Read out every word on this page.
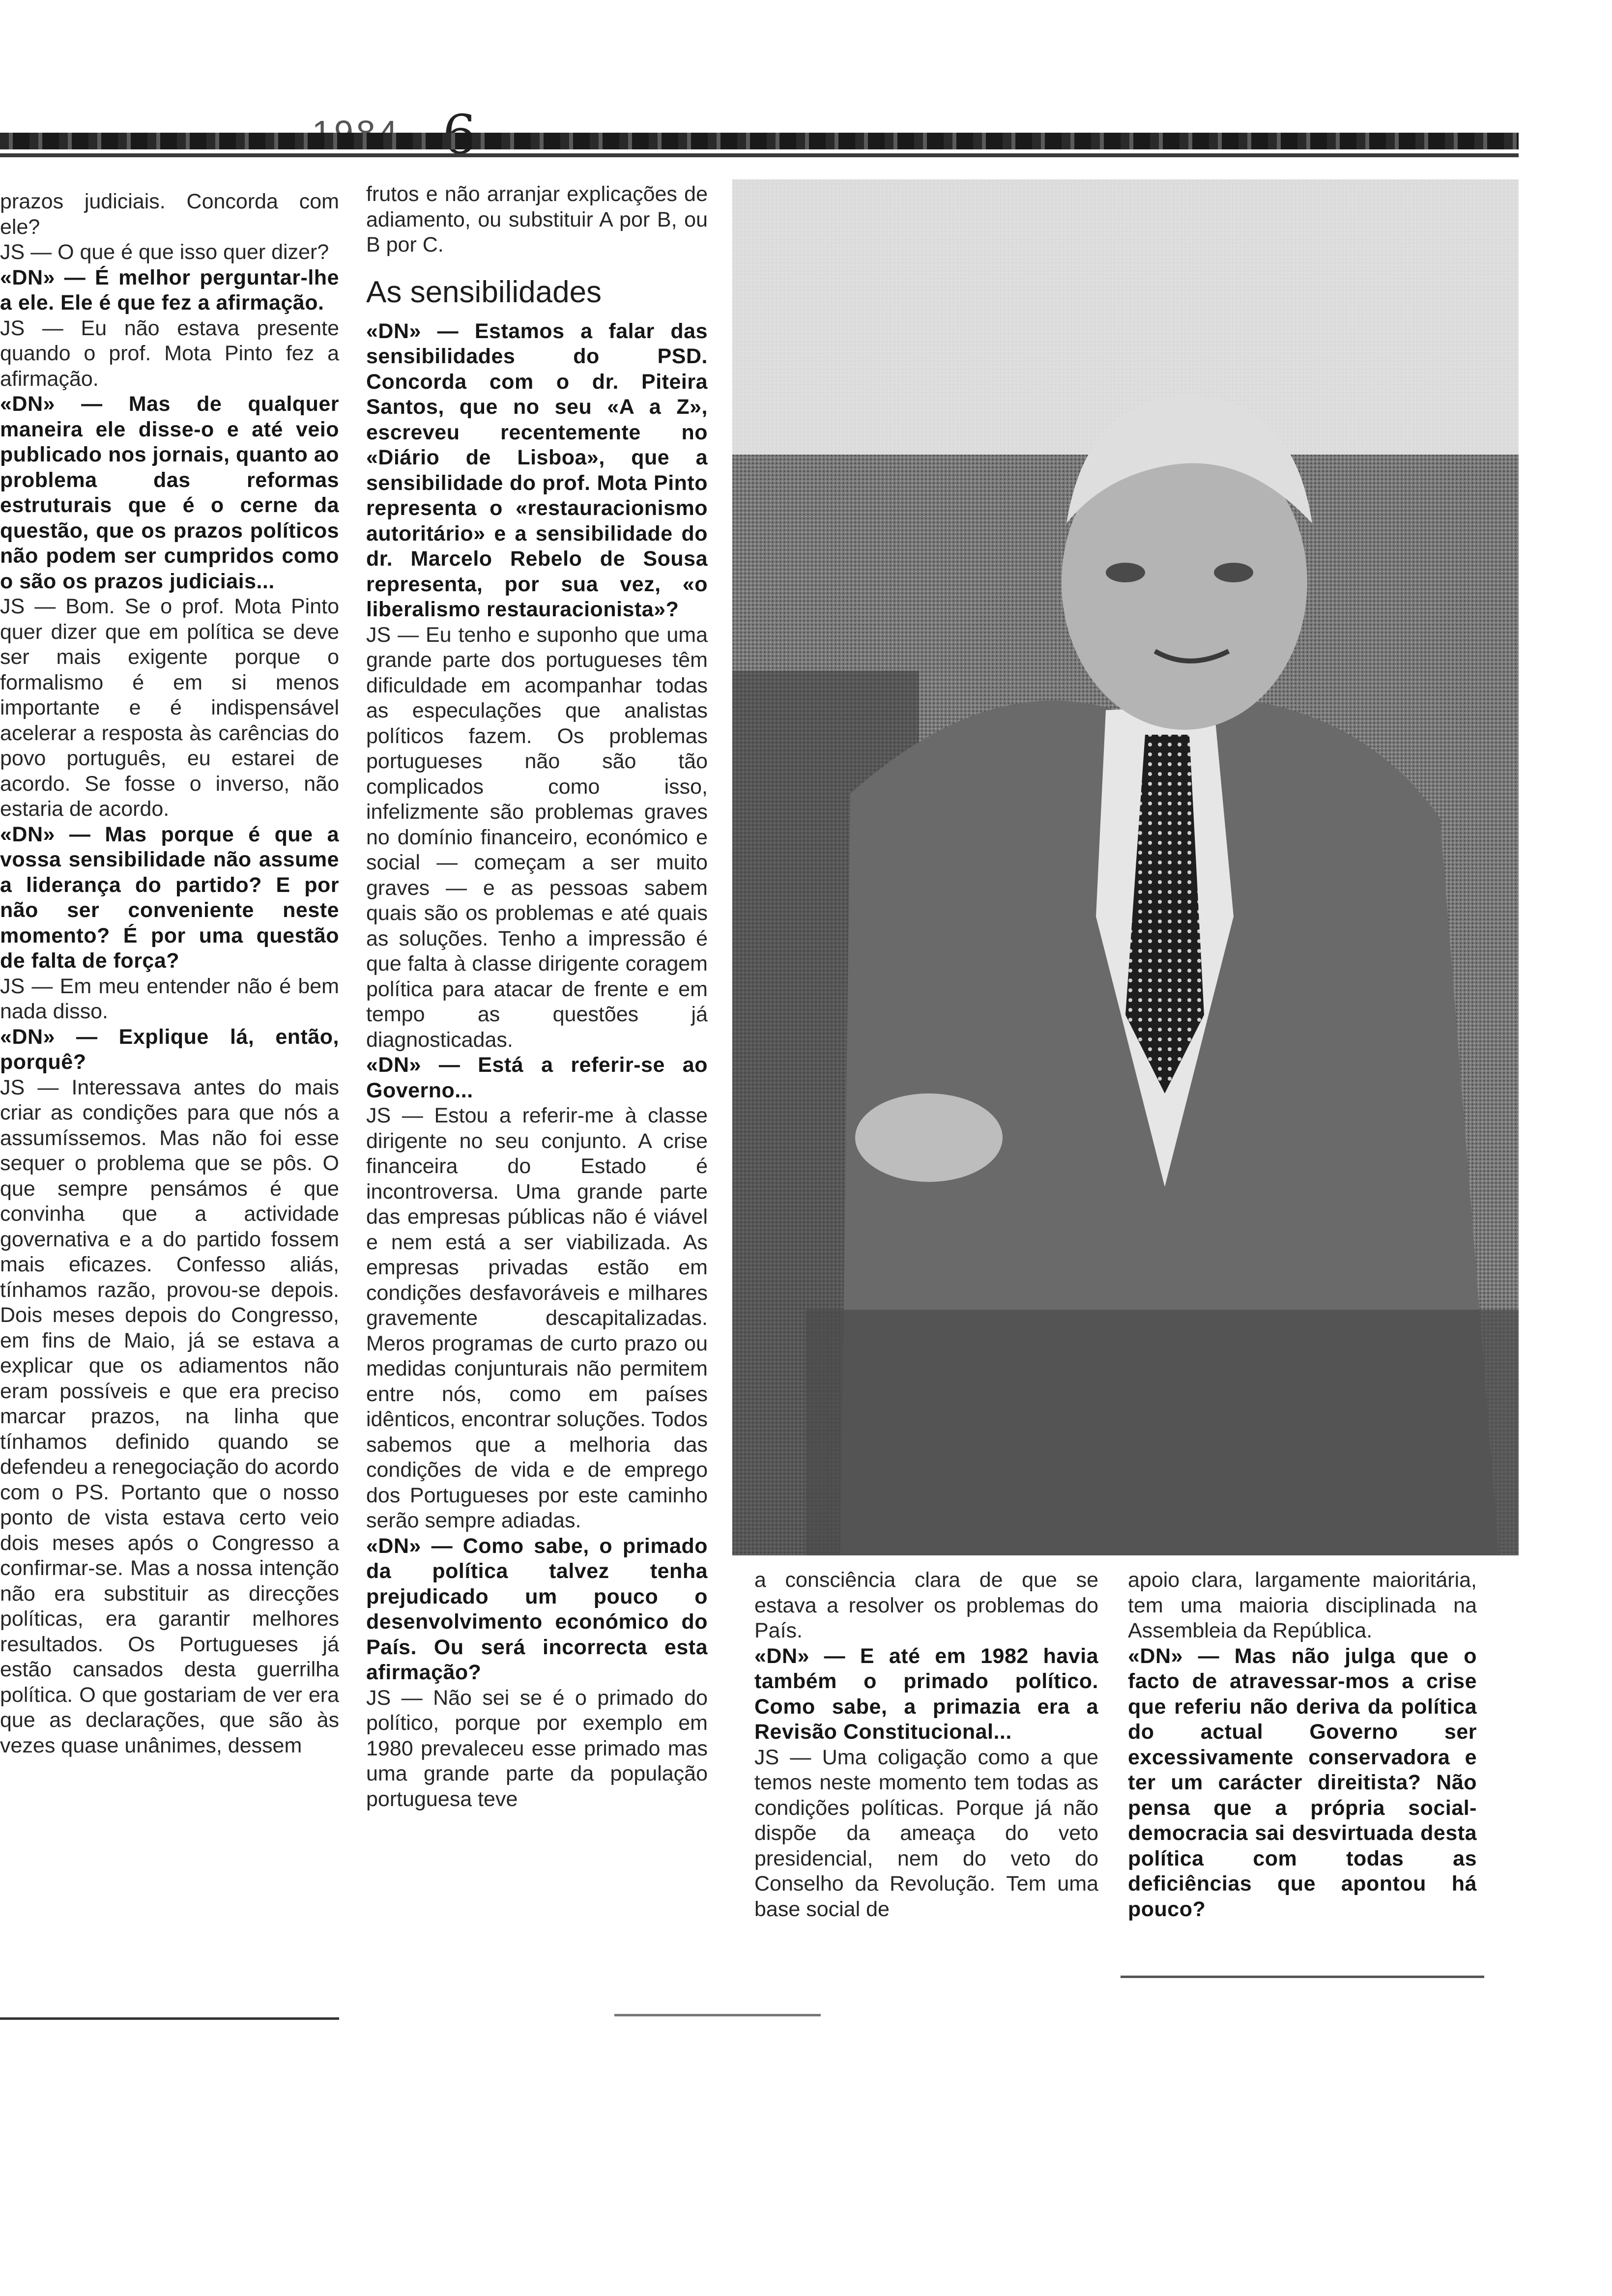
prazos judiciais. Concorda com ele?

JS — O que é que isso quer dizer?

«DN» — É melhor perguntar-lhe a ele. Ele é que fez a afirmação.

JS — Eu não estava presente quando o prof. Mota Pinto fez a afirmação.

«DN» — Mas de qualquer maneira ele disse-o e até veio publicado nos jornais, quanto ao problema das reformas estruturais que é o cerne da questão, que os prazos políticos não podem ser cumpridos como o são os prazos judiciais...

JS — Bom. Se o prof. Mota Pinto quer dizer que em política se deve ser mais exigente porque o formalismo é em si menos importante e é indispensável acelerar a resposta às carências do povo português, eu estarei de acordo. Se fosse o inverso, não estaria de acordo.

«DN» — Mas porque é que a vossa sensibilidade não assume a liderança do partido? E por não ser conveniente neste momento? É por uma questão de falta de força?

JS — Em meu entender não é bem nada disso.

«DN» — Explique lá, então, porquê?

JS — Interessava antes do mais criar as condições para que nós a assumíssemos. Mas não foi esse sequer o problema que se pôs. O que sempre pensámos é que convinha que a actividade governativa e a do partido fossem mais eficazes. Confesso aliás, tínhamos razão, provou-se depois. Dois meses depois do Congresso, em fins de Maio, já se estava a explicar que os adiamentos não eram possíveis e que era preciso marcar prazos, na linha que tínhamos definido quando se defendeu a renegociação do acordo com o PS. Portanto que o nosso ponto de vista estava certo veio dois meses após o Congresso a confirmar-se. Mas a nossa intenção não era substituir as direcções políticas, era garantir melhores resultados. Os Portugueses já estão cansados desta guerrilha política. O que gostariam de ver era que as declarações, que são às vezes quase unânimes, dessem

frutos e não arranjar explicações de adiamento, ou substituir A por B, ou B por C.

As sensibilidades

«DN» — Estamos a falar das sensibilidades do PSD. Concorda com o dr. Piteira Santos, que no seu «A a Z», escreveu recentemente no «Diário de Lisboa», que a sensibilidade do prof. Mota Pinto representa o «restauracionismo autoritário» e a sensibilidade do dr. Marcelo Rebelo de Sousa representa, por sua vez, «o liberalismo restauracionista»?

JS — Eu tenho e suponho que uma grande parte dos portugueses têm dificuldade em acompanhar todas as especulações que analistas políticos fazem. Os problemas portugueses não são tão complicados como isso, infelizmente são problemas graves no domínio financeiro, económico e social — começam a ser muito graves — e as pessoas sabem quais são os problemas e até quais as soluções. Tenho a impressão é que falta à classe dirigente coragem política para atacar de frente e em tempo as questões já diagnosticadas.

«DN» — Está a referir-se ao Governo...

JS — Estou a referir-me à classe dirigente no seu conjunto. A crise financeira do Estado é incontroversa. Uma grande parte das empresas públicas não é viável e nem está a ser viabilizada. As empresas privadas estão em condições desfavoráveis e milhares gravemente descapitalizadas. Meros programas de curto prazo ou medidas conjunturais não permitem entre nós, como em países idênticos, encontrar soluções. Todos sabemos que a melhoria das condições de vida e de emprego dos Portugueses por este caminho serão sempre adiadas.

«DN» — Como sabe, o primado da política talvez tenha prejudicado um pouco o desenvolvimento económico do País. Ou será incorrecta esta afirmação?

JS — Não sei se é o primado do político, porque por exemplo em 1980 prevaleceu esse primado mas uma grande parte da população portuguesa teve

a consciência clara de que se estava a resolver os problemas do País.

«DN» — E até em 1982 havia também o primado político. Como sabe, a primazia era a Revisão Constitucional...

JS — Uma coligação como a que temos neste momento tem todas as condições políticas. Porque já não dispõe da ameaça do veto presidencial, nem do veto do Conselho da Revolução. Tem uma base social de

apoio clara, largamente maioritária, tem uma maioria disciplinada na Assembleia da República.

«DN» — Mas não julga que o facto de atravessar-mos a crise que referiu não deriva da política do actual Governo ser excessivamente conservadora e ter um carácter direitista? Não pensa que a própria social-democracia sai desvirtuada desta política com todas as deficiências que apontou há pouco?
